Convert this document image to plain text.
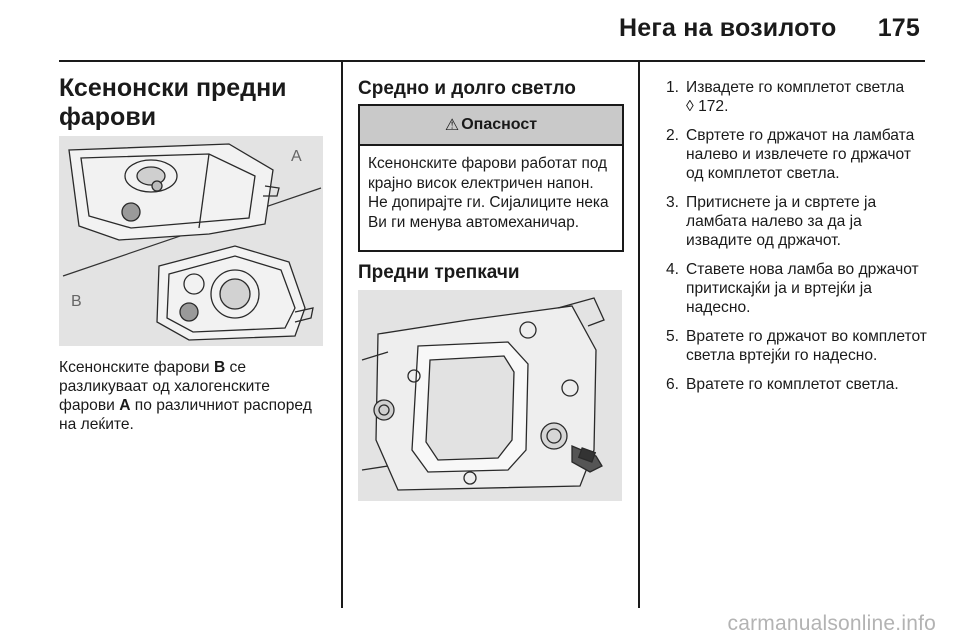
Нега на возилото 175
Ксенонски предни фарови
A
B
Ксенонските фарови B се разликуваат од халогенските фарови A по различниот распоред на леќите.
Средно и долго светло
⚠ Опасност
Ксенонските фарови работат под крајно висок електричен напон. Не допирајте ги. Сијалиците нека Ви ги менува автомеханичар.
Предни трепкачи
1. Извадете го комплетот светла
◊ 172.
2. Свртете го држачот на ламбата налево и извлечете го држачот од комплетот светла.
3. Притиснете ја и свртете ја ламбата налево за да ја извадите од држачот.
4. Ставете нова ламба во држачот притискајќи ја и вртејќи ја надесно.
5. Вратете го држачот во комплетот светла вртејќи го надесно.
6. Вратете го комплетот светла.
carmanualsonline.info
